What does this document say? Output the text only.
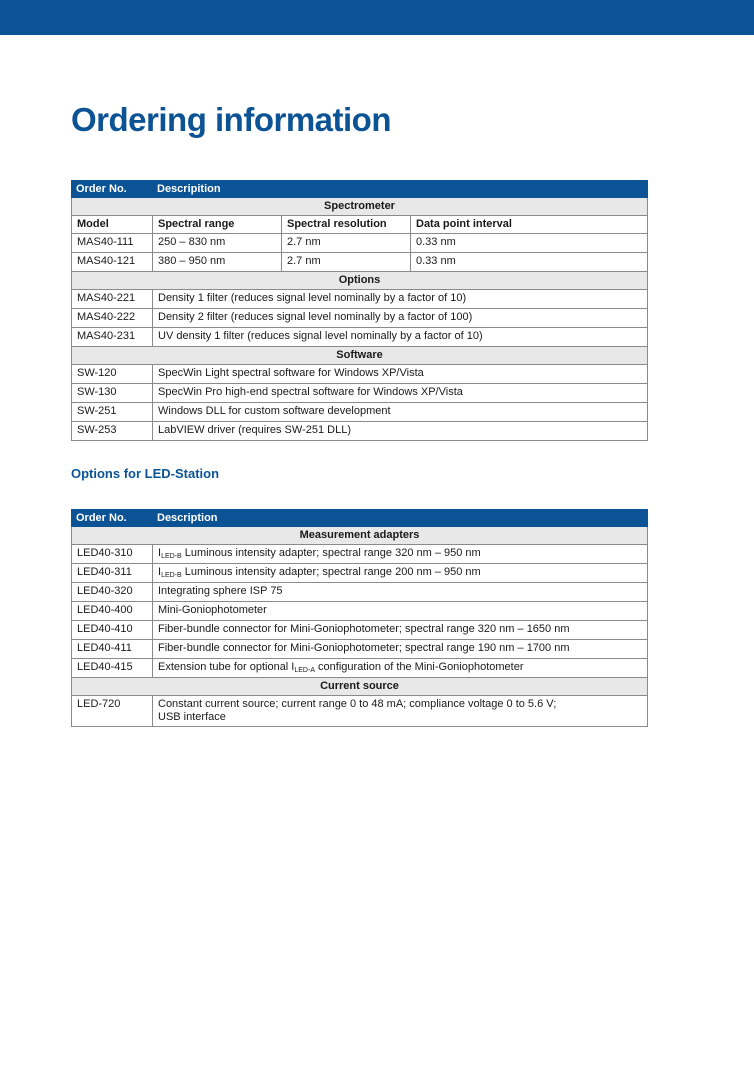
Ordering information
Order No.	Descripition		
Spectrometer			
Model	Spectral range	Spectral resolution	Data point interval
MAS40-111	250 – 830 nm	2.7 nm	0.33 nm
MAS40-121	380 – 950 nm	2.7 nm	0.33 nm
Options			
MAS40-221	Density 1 filter (reduces signal level nominally by a factor of 10)		
MAS40-222	Density 2 filter (reduces signal level nominally by a factor of 100)		
MAS40-231	UV density 1 filter (reduces signal level nominally by a factor of 10)		
Software			
SW-120	SpecWin Light spectral software for Windows XP/Vista		
SW-130	SpecWin Pro high-end spectral software for Windows XP/Vista		
SW-251	Windows DLL for custom software development		
SW-253	LabVIEW driver (requires SW-251 DLL)		
Options for LED-Station
Order No.	Description
Measurement adapters	
LED40-310	$I_{LED-B}$ Luminous intensity adapter; spectral range 320 nm – 950 nm
LED40-311	$I_{LED-B}$ Luminous intensity adapter; spectral range 200 nm – 950 nm
LED40-320	Integrating sphere ISP 75
LED40-400	Mini-Goniophotometer
LED40-410	Fiber-bundle connector for Mini-Goniophotometer; spectral range 320 nm – 1650 nm
LED40-411	Fiber-bundle connector for Mini-Goniophotometer; spectral range 190 nm – 1700 nm
LED40-415	Extension tube for optional $I_{LED-A}$ configuration of the Mini-Goniophotometer
Current source	
LED-720	Constant current source; current range 0 to 48 mA; compliance voltage 0 to 5.6 V;
USB interface
